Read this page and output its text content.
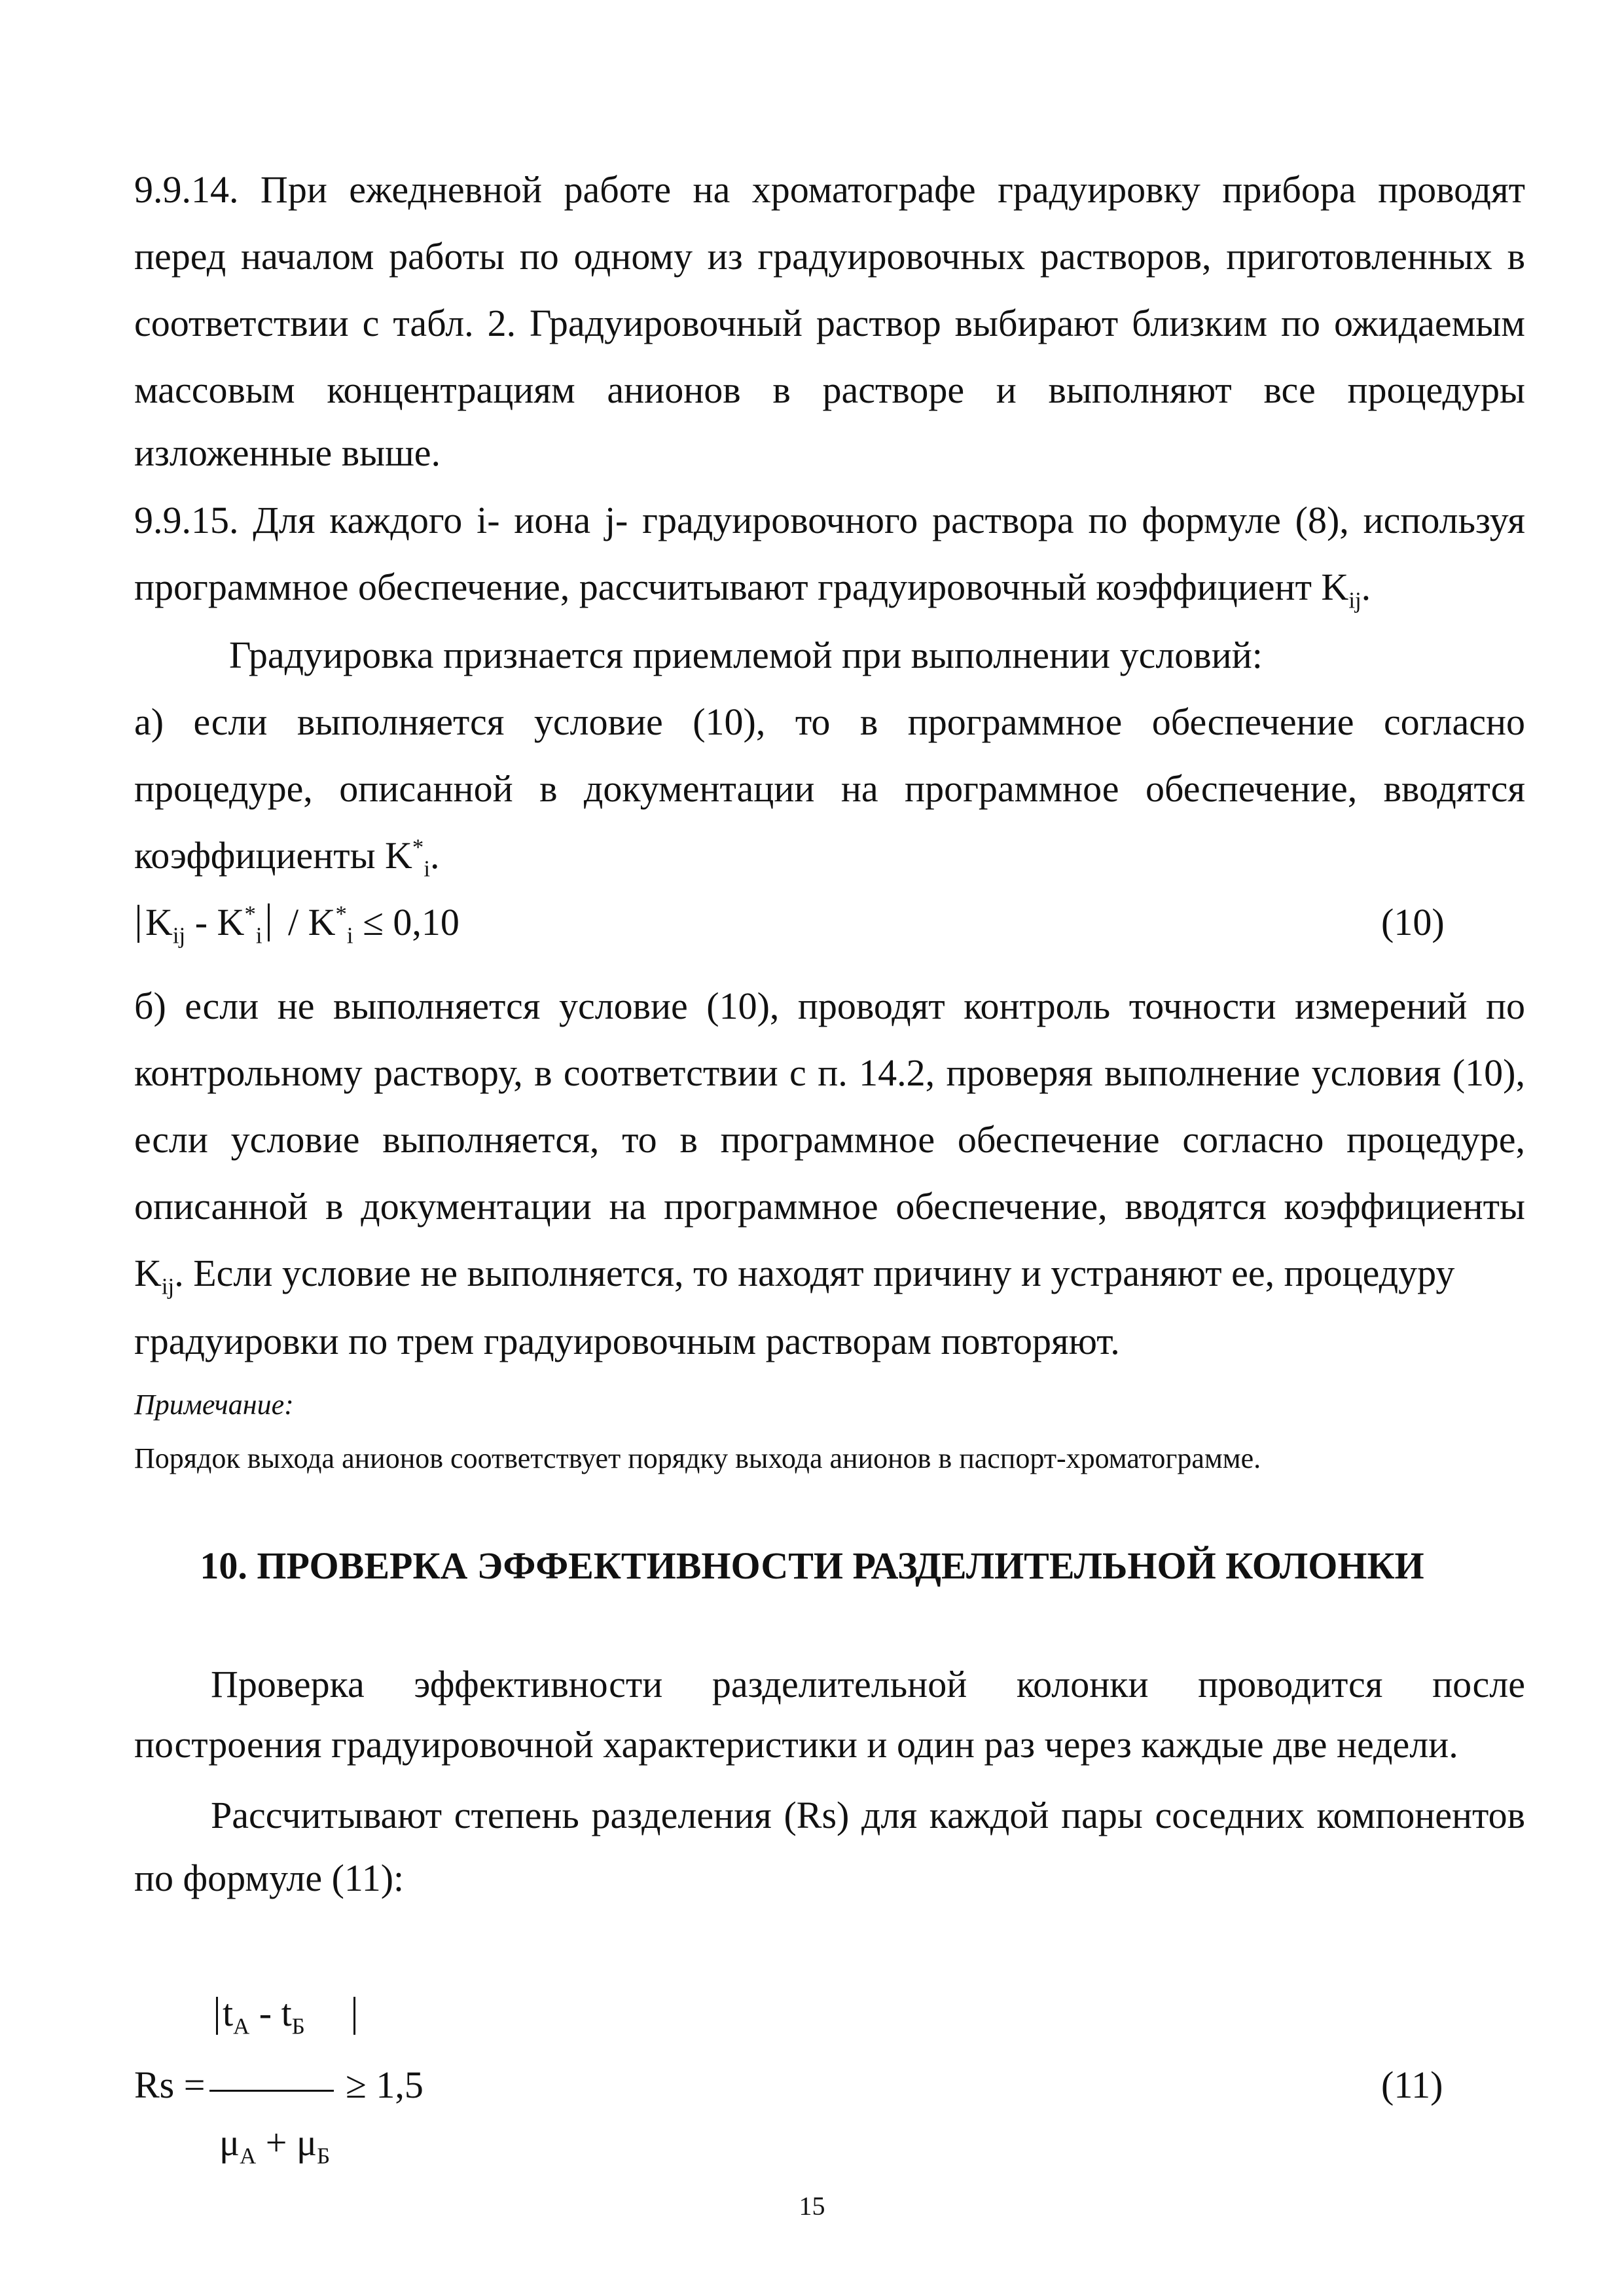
9.9.14. При ежедневной работе на хроматографе градуировку прибора проводят
перед началом работы по одному из градуировочных растворов, приготовленных в
соответствии с табл. 2. Градуировочный раствор выбирают близким по ожидаемым
массовым концентрациям анионов в растворе и выполняют все процедуры
изложенные выше.
9.9.15. Для каждого i- иона j- градуировочного раствора по формуле (8), используя
программное обеспечение, рассчитывают градуировочный коэффициент $K_{ij}$.
Градуировка признается приемлемой при выполнении условий:
а) если выполняется условие (10), то в программное обеспечение согласно
процедуре, описанной в документации на программное обеспечение, вводятся
коэффициенты $K^*_i$.
$K_{ij} - K^*_i / K^*_i \le 0,10$	(10)
б) если не выполняется условие (10), проводят контроль точности измерений по
контрольному раствору, в соответствии с п. 14.2, проверяя выполнение условия (10),
если условие выполняется, то в программное обеспечение согласно процедуре,
описанной в документации на программное обеспечение, вводятся коэффициенты
$K_{ij}$. Если условие не выполняется, то находят причину и устраняют ее, процедуру
градуировки по трем градуировочным растворам повторяют.
Примечание:
Порядок выхода анионов соответствует порядку выхода анионов в паспорт-хроматограмме.
10. ПРОВЕРКА ЭФФЕКТИВНОСТИ РАЗДЕЛИТЕЛЬНОЙ КОЛОНКИ
Проверка эффективности разделительной колонки проводится после
построения градуировочной характеристики и один раз через каждые две недели.
Рассчитывают степень разделения (Rs) для каждой пары соседних компонентов
по формуле (11):
$t_А - t_Б$
Rs =	≥ 1,5	(11)
$\mu_А + \mu_Б$
15
